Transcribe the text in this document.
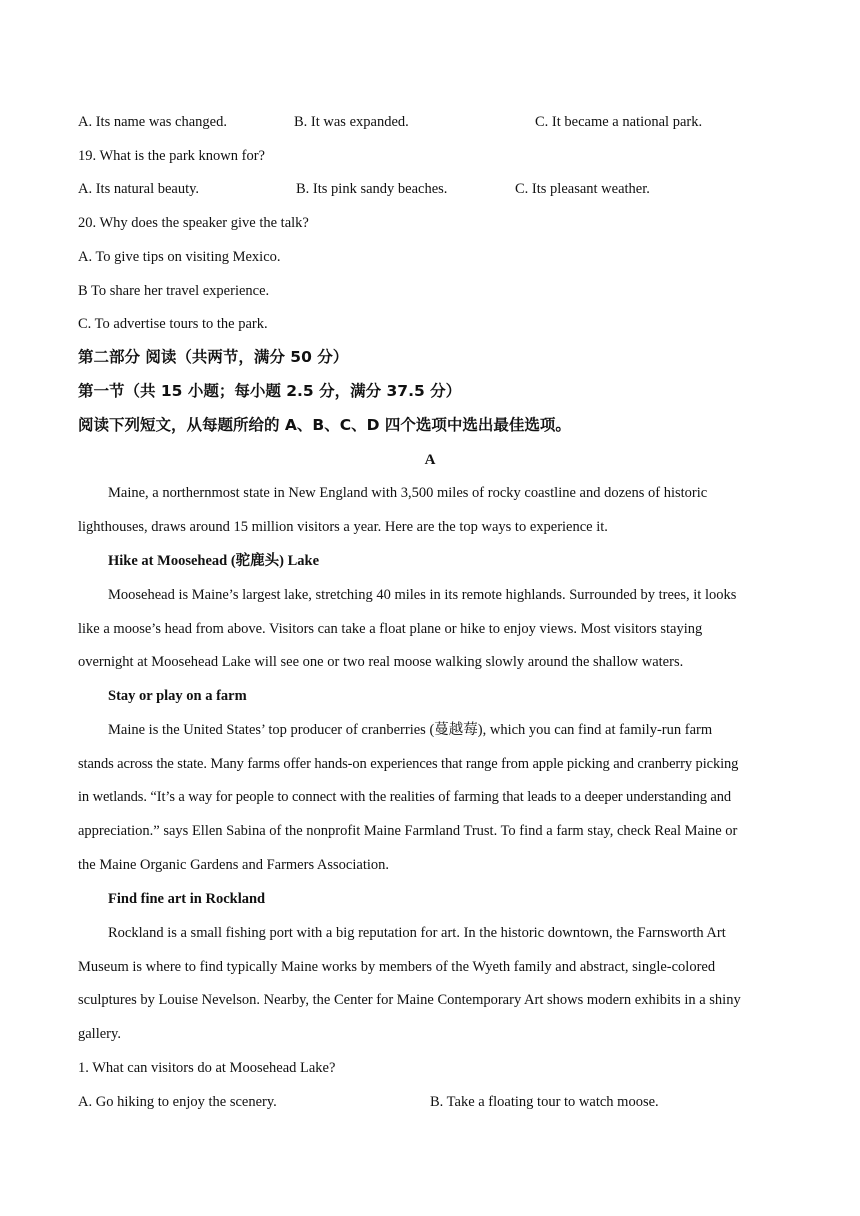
A. Its name was changed.	B. It was expanded.	C. It became a national park.
19. What is the park known for?
A. Its natural beauty.	B. Its pink sandy beaches.	C. Its pleasant weather.
20. Why does the speaker give the talk?
A. To give tips on visiting Mexico.
B To share her travel experience.
C. To advertise tours to the park.
第二部分 阅读（共两节，满分 50 分）
第一节（共 15 小题；每小题 2.5 分，满分 37.5 分）
阅读下列短文，从每题所给的 A、B、C、D 四个选项中选出最佳选项。
A
Maine, a northernmost state in New England with 3,500 miles of rocky coastline and dozens of historic
lighthouses, draws around 15 million visitors a year. Here are the top ways to experience it.
Hike at Moosehead (驼鹿头) Lake
Moosehead is Maine’s largest lake, stretching 40 miles in its remote highlands. Surrounded by trees, it looks
like a moose’s head from above. Visitors can take a float plane or hike to enjoy views. Most visitors staying
overnight at Moosehead Lake will see one or two real moose walking slowly around the shallow waters.
Stay or play on a farm
Maine is the United States’ top producer of cranberries (蔓越莓), which you can find at family-run farm
stands across the state. Many farms offer hands-on experiences that range from apple picking and cranberry picking
in wetlands. “It’s a way for people to connect with the realities of farming that leads to a deeper understanding and
appreciation.” says Ellen Sabina of the nonprofit Maine Farmland Trust. To find a farm stay, check Real Maine or
the Maine Organic Gardens and Farmers Association.
Find fine art in Rockland
Rockland is a small fishing port with a big reputation for art. In the historic downtown, the Farnsworth Art
Museum is where to find typically Maine works by members of the Wyeth family and abstract, single-colored
sculptures by Louise Nevelson. Nearby, the Center for Maine Contemporary Art shows modern exhibits in a shiny
gallery.
1. What can visitors do at Moosehead Lake?
A. Go hiking to enjoy the scenery.	B. Take a floating tour to watch moose.
